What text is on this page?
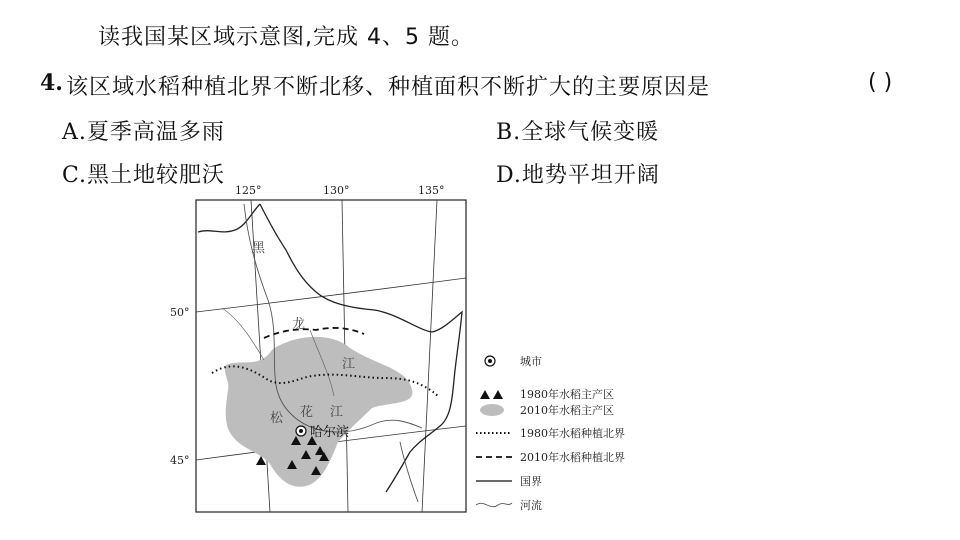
读我国某区域示意图,完成 4、5 题。
4. 该区域水稻种植北界不断北移、种植面积不断扩大的主要原因是	( )
A.夏季高温多雨	B.全球气候变暖
C.黑土地较肥沃	D.地势平坦开阔
125°	130°	135°
50°
45°
黑
龙
江
松 花 江
哈尔滨
城市
1980年水稻主产区
2010年水稻主产区
1980年水稻种植北界
2010年水稻种植北界
国界
河流
